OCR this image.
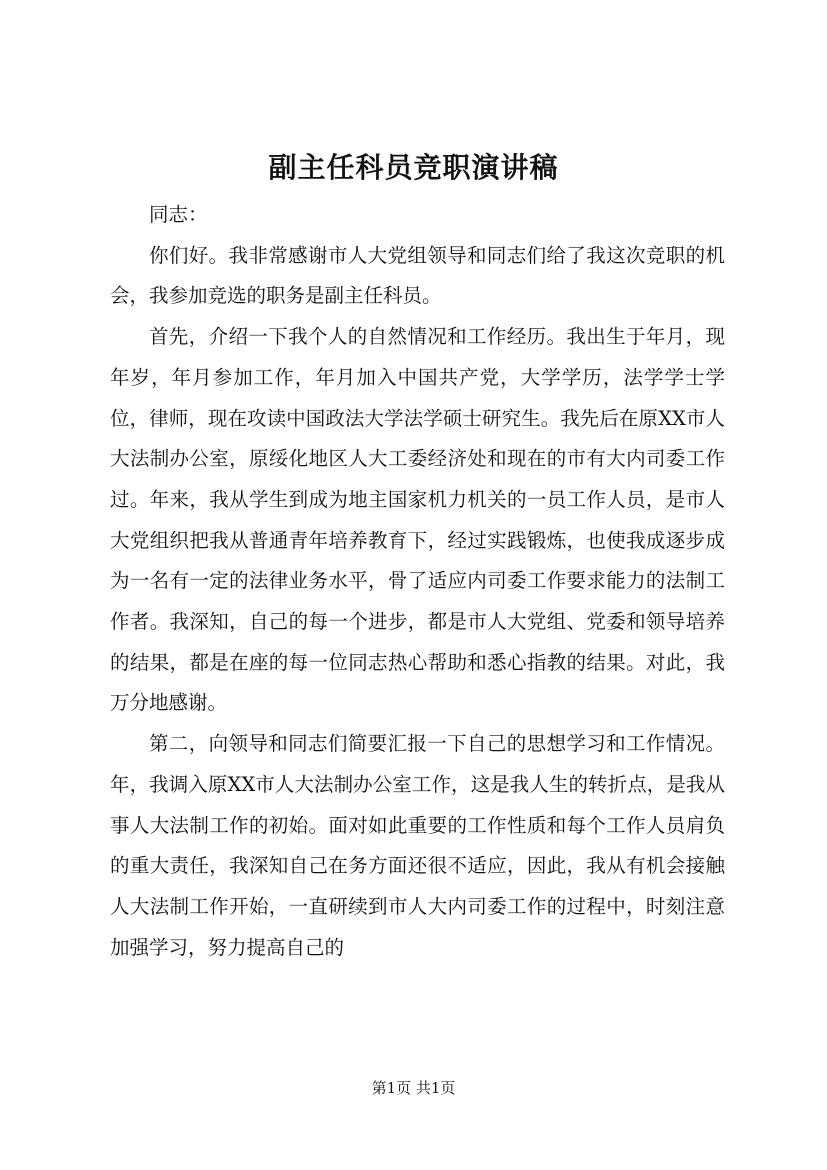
副主任科员竞职演讲稿

同志：

你们好。我非常感谢市人大党组领导和同志们给了我这次竞职的机会，我参加竞选的职务是副主任科员。

首先，介绍一下我个人的自然情况和工作经历。我出生于年月，现年岁，年月参加工作，年月加入中国共产党，大学学历，法学学士学位，律师，现在攻读中国政法大学法学硕士研究生。我先后在原XX市人大法制办公室，原绥化地区人大工委经济处和现在的市有大内司委工作过。年来，我从学生到成为地主国家机力机关的一员工作人员，是市人大党组织把我从普通青年培养教育下，经过实践锻炼，也使我成逐步成为一名有一定的法律业务水平，骨了适应内司委工作要求能力的法制工作者。我深知，自己的每一个进步，都是市人大党组、党委和领导培养的结果，都是在座的每一位同志热心帮助和悉心指教的结果。对此，我万分地感谢。

第二，向领导和同志们简要汇报一下自己的思想学习和工作情况。年，我调入原XX市人大法制办公室工作，这是我人生的转折点，是我从事人大法制工作的初始。面对如此重要的工作性质和每个工作人员肩负的重大责任，我深知自己在务方面还很不适应，因此，我从有机会接触人大法制工作开始，一直研续到市人大内司委工作的过程中，时刻注意加强学习，努力提高自己的

第1页 共1页
